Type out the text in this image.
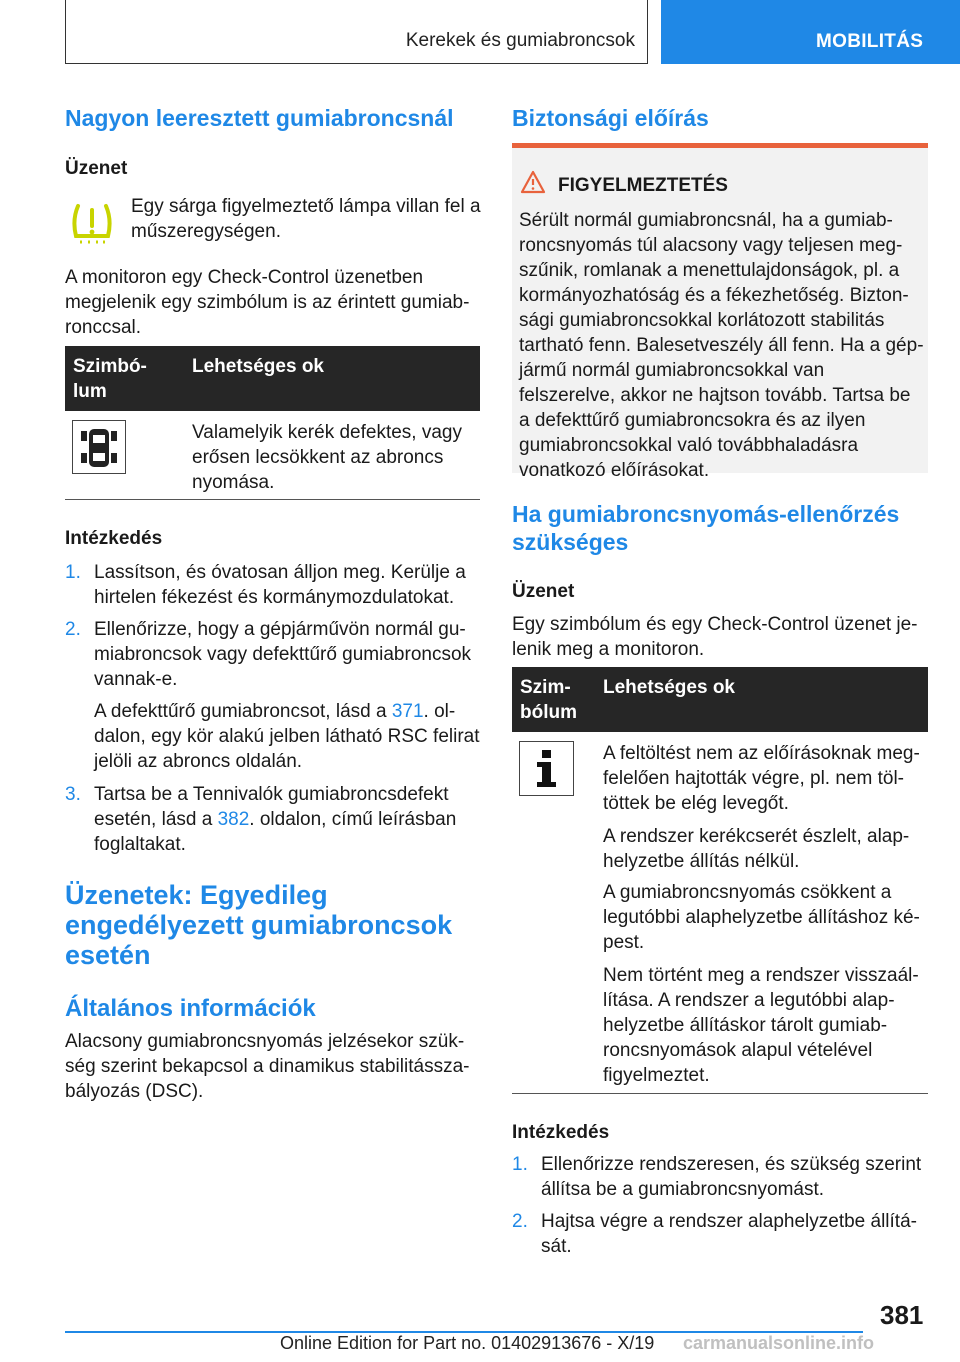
Kerekek és gumiabroncsok	MOBILITÁS
Nagyon leeresztett gumiabroncsnál

Üzenet

Egy sárga figyelmeztető lámpa villan fel a műszeregységen.

A monitoron egy Check-Control üzenetben megjelenik egy szimbólum is az érintett gumiab-ronccsal.

Szimbó-lum
Lehetséges ok

Valamelyik kerék defektes, vagy erősen lecsökkent az abroncs nyomása.

Intézkedés

1. Lassítson, és óvatosan álljon meg. Kerülje a hirtelen fékezést és kormánymozdulatokat.

2. Ellenőrizze, hogy a gépjárművön normál gu-miabroncsok vagy defekttűrő gumiabroncsok vannak-e.

A defekttűrő gumiabroncsot, lásd a 371. ol-dalon, egy kör alakú jelben látható RSC felirat jelöli az abroncs oldalán.

3. Tartsa be a Tennivalók gumiabroncsdefekt esetén, lásd a 382. oldalon, című leírásban foglaltakat.

Üzenetek: Egyedileg engedélyezett gumiabroncsok esetén
Általános információk

Alacsony gumiabroncsnyomás jelzésekor szük-ség szerint bekapcsol a dinamikus stabilitássza-bályozás (DSC).

Biztonsági előírás
FIGYELMEZTETÉS

Sérült normál gumiabroncsnál, ha a gumiab-roncsnyomás túl alacsony vagy teljesen meg-szűnik, romlanak a menettulajdonságok, pl. a kormányozhatóság és a fékezhetőség. Bizton-sági gumiabroncsokkal korlátozott stabilitás tartható fenn. Balesetveszély áll fenn. Ha a gép-jármű normál gumiabroncsokkal van felszerelve, akkor ne hajtson tovább. Tartsa be a defekttűrő gumiabroncsokra és az ilyen gumiabroncsokkal való továbbhaladásra vonatkozó előírásokat.

Ha gumiabroncsnyomás-ellenőrzés szükséges

Üzenet

Egy szimbólum és egy Check-Control üzenet je-lenik meg a monitoron.

Szim-bólum
Lehetséges ok

A feltöltést nem az előírásoknak meg-felelően hajtották végre, pl. nem töl-töttek be elég levegőt.

A rendszer kerékcserét észlelt, alap-helyzetbe állítás nélkül.

A gumiabroncsnyomás csökkent a legutóbbi alaphelyzetbe állításhoz ké-pest.

Nem történt meg a rendszer visszaál-lítása. A rendszer a legutóbbi alap-helyzetbe állításkor tárolt gumiab-roncsnyomások alapul vételével figyelmeztet.

Intézkedés

1. Ellenőrizze rendszeresen, és szükség szerint állítsa be a gumiabroncsnyomást.

2. Hajtsa végre a rendszer alaphelyzetbe állítá-sát.

381
Online Edition for Part no. 01402913676 - X/19 carmanualsonline.info
